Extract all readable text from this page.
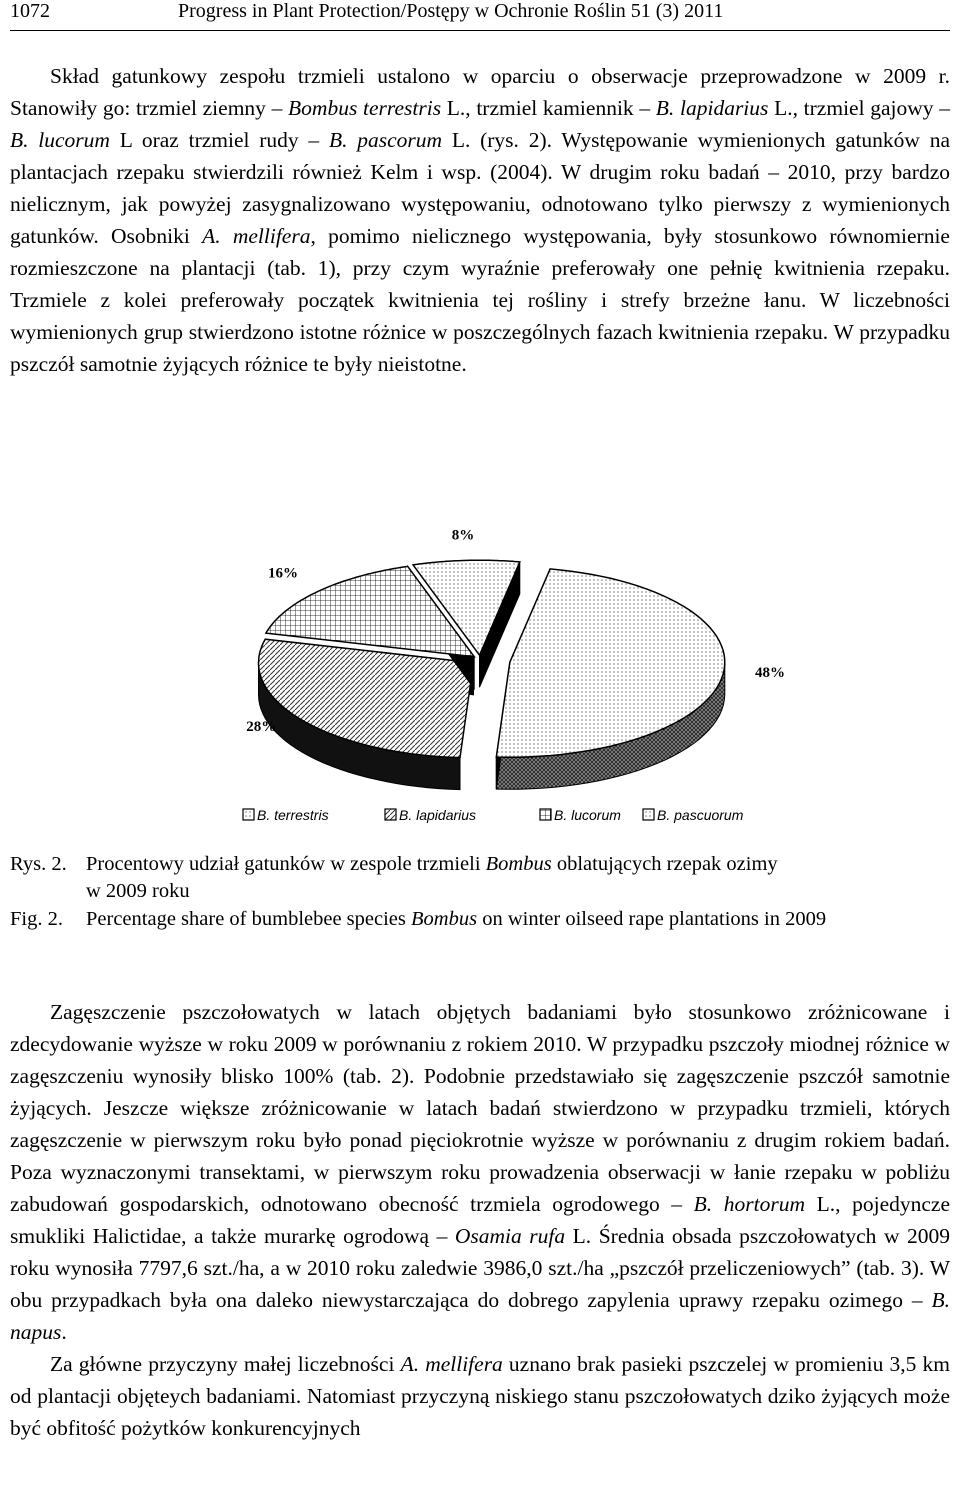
1072	Progress in Plant Protection/Postępy w Ochronie Roślin 51 (3) 2011

Skład gatunkowy zespołu trzmieli ustalono w oparciu o obserwacje przeprowadzone w 2009 r. Stanowiły go: trzmiel ziemny – Bombus terrestris L., trzmiel kamiennik – B. lapidarius L., trzmiel gajowy – B. lucorum L oraz trzmiel rudy – B. pascorum L. (rys. 2). Występowanie wymienionych gatunków na plantacjach rzepaku stwierdzili również Kelm i wsp. (2004). W drugim roku badań – 2010, przy bardzo nielicznym, jak powyżej zasygnalizowano występowaniu, odnotowano tylko pierwszy z wymienionych gatunków. Osobniki A. mellifera, pomimo nielicznego występowania, były stosunkowo równomiernie rozmieszczone na plantacji (tab. 1), przy czym wyraźnie preferowały one pełnię kwitnienia rzepaku. Trzmiele z kolei preferowały początek kwitnienia tej rośliny i strefy brzeżne łanu. W liczebności wymienionych grup stwierdzono istotne różnice w poszczególnych fazach kwitnienia rzepaku. W przypadku pszczół samotnie żyjących różnice te były nieistotne.

48%
28%
16%
8%
B. terrestris	B. lapidarius	B. lucorum	B. pascuorum
Rys. 2. Procentowy udział gatunków w zespole trzmieli Bombus oblatujących rzepak ozimy
w 2009 roku
Fig. 2. Percentage share of bumblebee species Bombus on winter oilseed rape plantations in 2009

Zagęszczenie pszczołowatych w latach objętych badaniami było stosunkowo zróżnicowane i zdecydowanie wyższe w roku 2009 w porównaniu z rokiem 2010. W przypadku pszczoły miodnej różnice w zagęszczeniu wynosiły blisko 100% (tab. 2). Podobnie przedstawiało się zagęszczenie pszczół samotnie żyjących. Jeszcze większe zróżnicowanie w latach badań stwierdzono w przypadku trzmieli, których zagęszczenie w pierwszym roku było ponad pięciokrotnie wyższe w porównaniu z drugim rokiem badań. Poza wyznaczonymi transektami, w pierwszym roku prowadzenia obserwacji w łanie rzepaku w pobliżu zabudowań gospodarskich, odnotowano obecność trzmiela ogrodowego – B. hortorum L., pojedyncze smukliki Halictidae, a także murarkę ogrodową – Osamia rufa L. Średnia obsada pszczołowatych w 2009 roku wynosiła 7797,6 szt./ha, a w 2010 roku zaledwie 3986,0 szt./ha „pszczół przeliczeniowych” (tab. 3). W obu przypadkach była ona daleko niewystarczająca do dobrego zapylenia uprawy rzepaku ozimego – B. napus.

Za główne przyczyny małej liczebności A. mellifera uznano brak pasieki pszczelej w promieniu 3,5 km od plantacji objęteych badaniami. Natomiast przyczyną niskiego stanu pszczołowatych dziko żyjących może być obfitość pożytków konkurencyjnych
